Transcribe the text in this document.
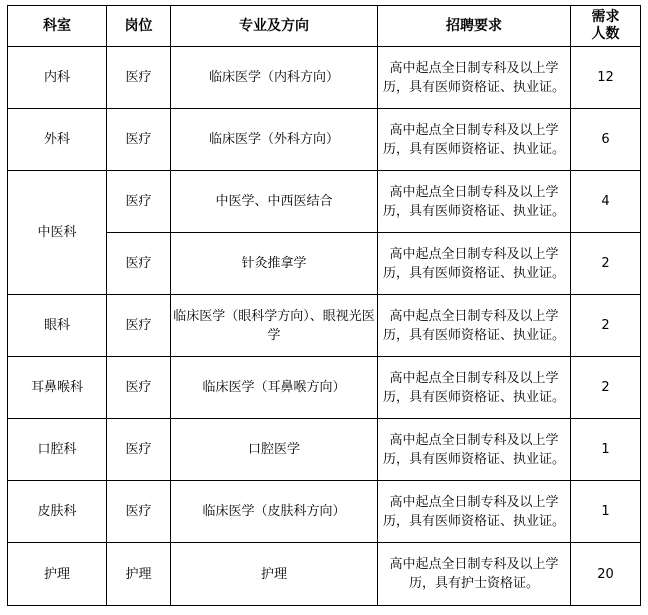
科室	岗位	专业及方向	招聘要求	需求人数

内科	医疗	临床医学（内科方向）	高中起点全日制专科及以上学历，具有医师资格证、执业证。	12
外科	医疗	临床医学（外科方向）	高中起点全日制专科及以上学历，具有医师资格证、执业证。	6
中医科	医疗	中医学、中西医结合	高中起点全日制专科及以上学历，具有医师资格证、执业证。	4
	医疗	针灸推拿学	高中起点全日制专科及以上学历，具有医师资格证、执业证。	2
眼科	医疗	临床医学（眼科学方向）、眼视光医学	高中起点全日制专科及以上学历，具有医师资格证、执业证。	2
耳鼻喉科	医疗	临床医学（耳鼻喉方向）	高中起点全日制专科及以上学历，具有医师资格证、执业证。	2
口腔科	医疗	口腔医学	高中起点全日制专科及以上学历，具有医师资格证、执业证。	1
皮肤科	医疗	临床医学（皮肤科方向）	高中起点全日制专科及以上学历，具有医师资格证、执业证。	1
护理	护理	护理	高中起点全日制专科及以上学历，具有护士资格证。	20
